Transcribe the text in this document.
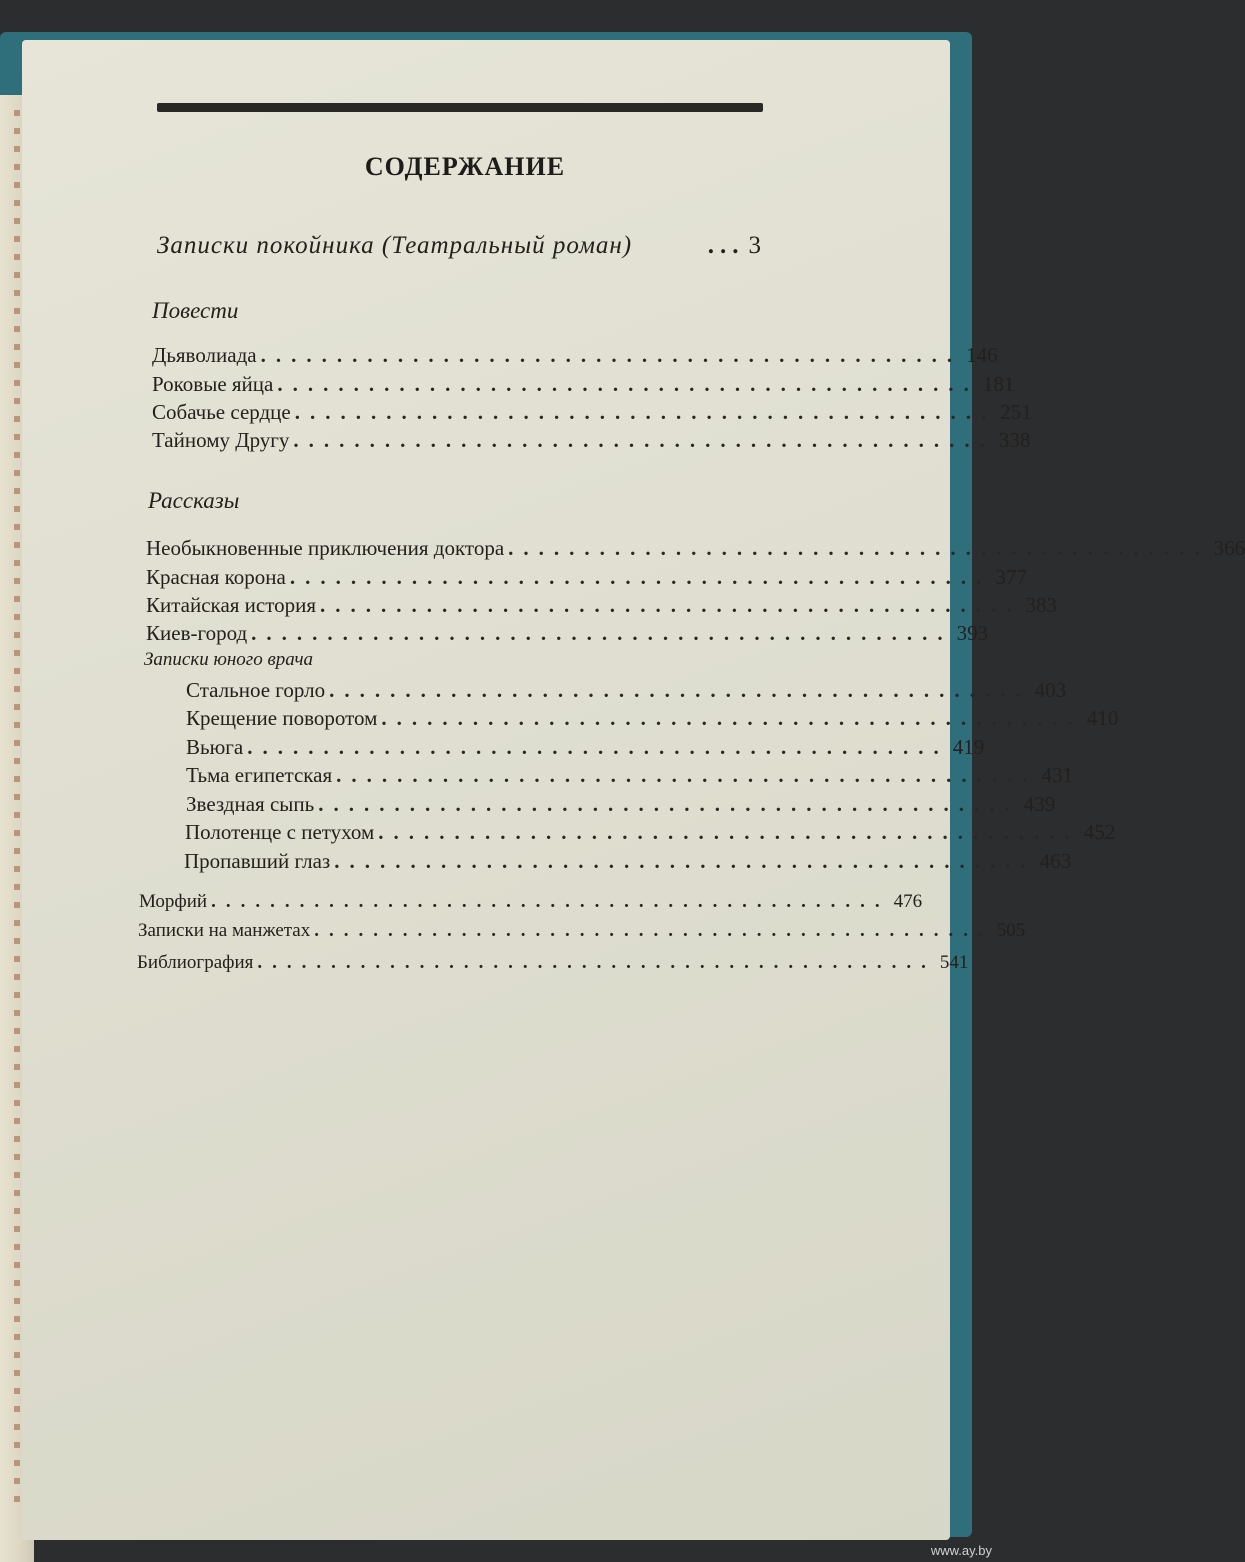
СОДЕРЖАНИЕ
Записки покойника (Театральный роман)	... 3
Повести
Дьяволиада .............................................. 146
Роковые яйца .............................................. 181
Собачье сердце .............................................. 251
Тайному Другу .............................................. 338
Рассказы
Необыкновенные приключения доктора .............................................. 366
Красная корона .............................................. 377
Китайская история .............................................. 383
Киев-город .............................................. 393
Записки юного врача
Стальное горло .............................................. 403
Крещение поворотом .............................................. 410
Вьюга .............................................. 419
Тьма египетская .............................................. 431
Звездная сыпь .............................................. 439
Полотенце с петухом .............................................. 452
Пропавший глаз .............................................. 463
Морфий .............................................. 476
Записки на манжетах .............................................. 505
Библиография .............................................. 541
www.ay.by
